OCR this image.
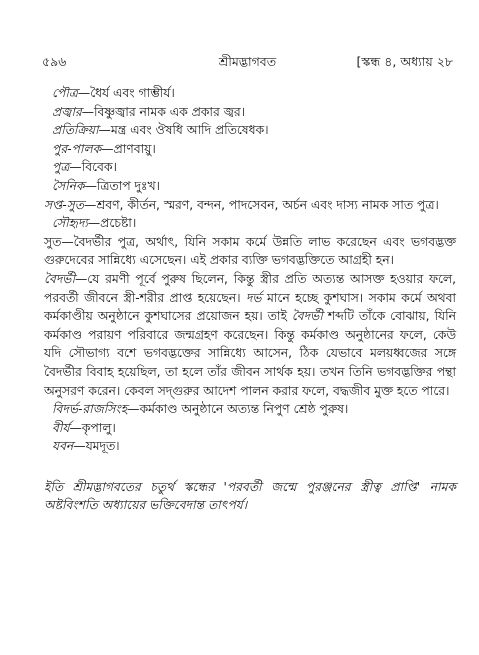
৫৯৬	শ্রীমদ্ভাগবত	[স্কন্ধ ৪, অধ্যায় ২৮
পৌত্র—ধৈর্য এবং গাম্ভীর্য।
প্রজ্বার—বিষ্ণুজ্বার নামক এক প্রকার জ্বর।
প্রতিক্রিয়া—মন্ত্র এবং ঔষধি আদি প্রতিষেধক।
পুর-পালক—প্রাণবায়ু।
পুত্র—বিবেক।
সৈনিক—ত্রিতাপ দুঃখ।

সপ্ত-সুত—শ্রবণ, কীর্তন, স্মরণ, বন্দন, পাদসেবন, অর্চন এবং দাস্য নামক সাত পুত্র।

সৌহৃদ্য—প্রচেষ্টা।

সুত—বৈদর্ভীর পুত্র, অর্থাৎ, যিনি সকাম কর্মে উন্নতি লাভ করেছেন এবং ভগবদ্ভক্ত গুরুদেবের সান্নিধ্যে এসেছেন। এই প্রকার ব্যক্তি ভগবদ্ভক্তিতে আগ্রহী হন।

বৈদর্ভী—যে রমণী পূর্বে পুরুষ ছিলেন, কিন্তু স্ত্রীর প্রতি অত্যন্ত আসক্ত হওয়ার ফলে, পরবর্তী জীবনে স্ত্রী-শরীর প্রাপ্ত হয়েছেন। দর্ভ মানে হচ্ছে কুশঘাস। সকাম কর্মে অথবা কর্মকাণ্ডীয় অনুষ্ঠানে কুশঘাসের প্রয়োজন হয়। তাই বৈদর্ভী শব্দটি তাঁকে বোঝায়, যিনি কর্মকাণ্ড পরায়ণ পরিবারে জন্মগ্রহণ করেছেন। কিন্তু কর্মকাণ্ড অনুষ্ঠানের ফলে, কেউ যদি সৌভাগ্য বশে ভগবদ্ভক্তের সান্নিধ্যে আসেন, ঠিক যেভাবে মলয়ধ্বজের সঙ্গে বৈদর্ভীর বিবাহ হয়েছিল, তা হলে তাঁর জীবন সার্থক হয়। তখন তিনি ভগবদ্ভক্তির পন্থা অনুসরণ করেন। কেবল সদ্গুরুর আদেশ পালন করার ফলে, বদ্ধজীব মুক্ত হতে পারে।

বিদর্ভ-রাজসিংহ—কর্মকাণ্ড অনুষ্ঠানে অত্যন্ত নিপুণ শ্রেষ্ঠ পুরুষ।
বীর্য—কৃপালু।
যবন—যমদূত।

ইতি শ্রীমদ্ভাগবতের চতুর্থ স্কন্ধের 'পরবর্তী জন্মে পুরঞ্জনের স্ত্রীত্ব প্রাপ্তি' নামক অষ্টবিংশতি অধ্যায়ের ভক্তিবেদান্ত তাৎপর্য।
